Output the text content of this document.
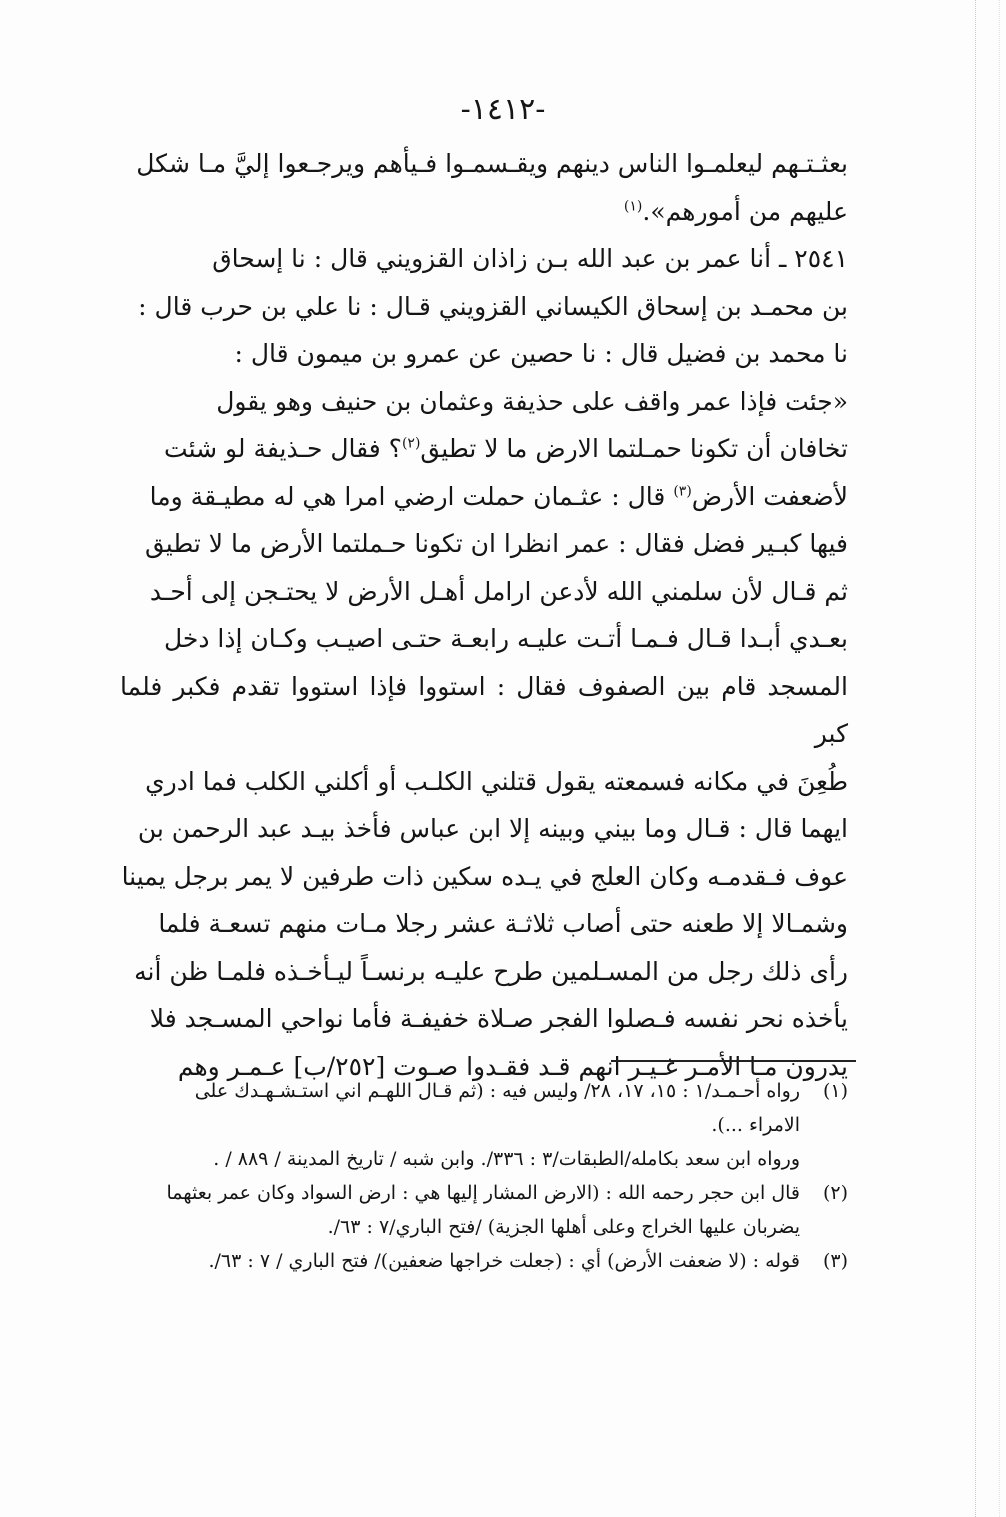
-١٤١٢-

بعثـتـهم ليعلمـوا الناس دينهم ويقـسمـوا فـيأهم ويرجـعوا إليَّ مـا شكل

عليهم من أمورهم».$^{(١)}$

٢٥٤١ ـ أنا عمر بن عبد الله بـن زاذان القزويني قال : نا إسحاق

بن محمـد بن إسحاق الكيساني القزويني قـال : نا علي بن حرب قال :

نا محمد بن فضيل قال : نا حصين عن عمرو بن ميمون قال :

«جئت فإذا عمر واقف على حذيفة وعثمان بن حنيف وهو يقول

تخافان أن تكونا حمـلتما الارض ما لا تطيق$^{(٢)}$؟ فقال حـذيفة لو شئت

لأضعفت الأرض$^{(٣)}$ قال : عثـمان حملت ارضي امرا هي له مطيـقة وما

فيها كبـير فضل فقال : عمر انظرا ان تكونا حـملتما الأرض ما لا تطيق

ثم قـال لأن سلمني الله لأدعن ارامل أهـل الأرض لا يحتـجن إلى أحـد

بعـدي أبـدا قـال فـمـا أتـت عليـه رابعـة حتـى اصيـب وكـان إذا دخل

المسجد قام بين الصفوف فقال : استووا فإذا استووا تقدم فكبر فلما كبر

طُعِنَ في مكانه فسمعته يقول قتلني الكلـب أو أكلني الكلب فما ادري

ايهما قال : قـال وما بيني وبينه إلا ابن عباس فأخذ بيـد عبد الرحمن بن

عوف فـقدمـه وكان العلج في يـده سكين ذات طرفين لا يمر برجل يمينا

وشمـالا إلا طعنه حتى أصاب ثلاثـة عشر رجلا مـات منهم تسعـة فلما

رأى ذلك رجل من المسـلمين طرح عليـه برنسـاً ليـأخـذه فلمـا ظن أنه

يأخذه نحر نفسه فـصلوا الفجر صـلاة خفيفـة فأما نواحي المسـجد فلا

يدرون مـا الأمـر غـيـر انهم قـد فقـدوا صـوت [٢٥٢/ب] عـمـر وهم

(١)رواه أحـمـد/١ : ١٥، ١٧، ٢٨/ وليس فيه : (ثم قـال اللهـم اني استـشـهـدك على

الامراء ...).

ورواه ابن سعد بكامله/الطبقات/٣ : ٣٣٦/. وابن شبه / تاريخ المدينة / ٨٨٩ / .

(٢)قال ابن حجر رحمه الله : (الارض المشار إليها هي : ارض السواد وكان عمر بعثهما

يضربان عليها الخراج وعلى أهلها الجزية) /فتح الباري/٧ : ٦٣/.

(٣)قوله : (لا ضعفت الأرض) أي : (جعلت خراجها ضعفين)/ فتح الباري / ٧ : ٦٣/.
